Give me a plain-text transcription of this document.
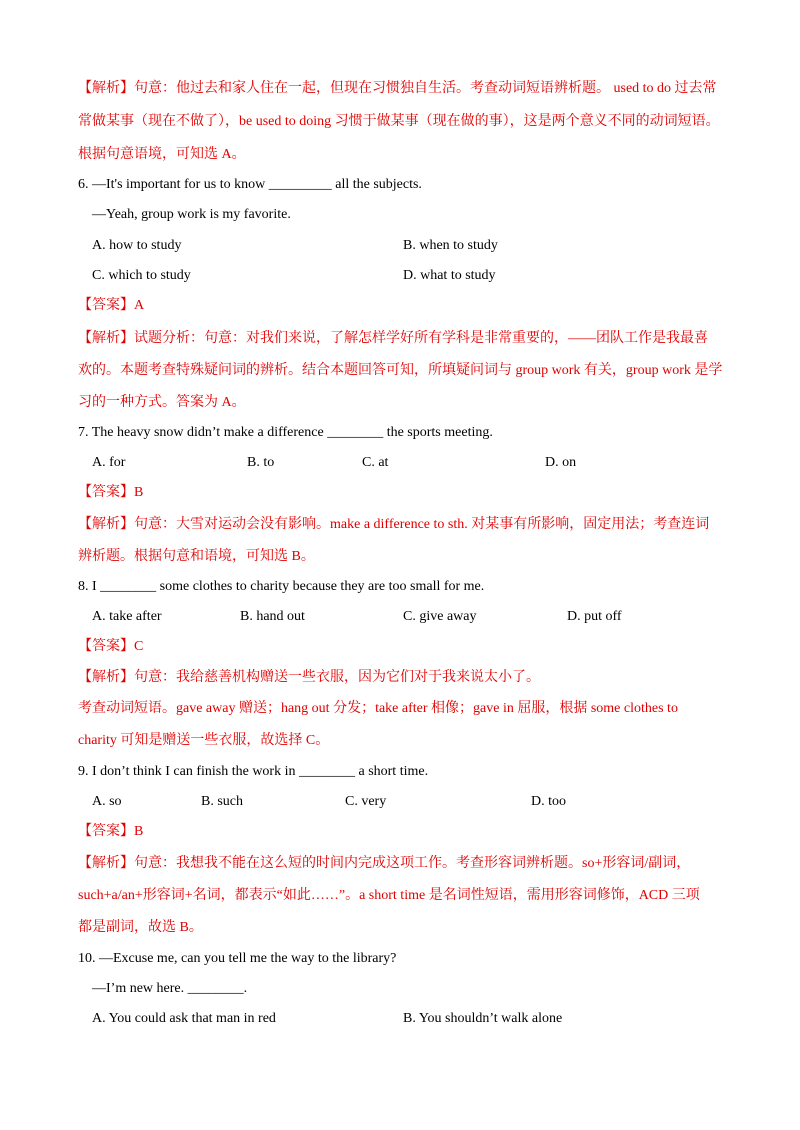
【解析】句意：他过去和家人住在一起，但现在习惯独自生活。考查动词短语辨析题。 used to do 过去常
常做某事（现在不做了），be used to doing 习惯于做某事（现在做的事），这是两个意义不同的动词短语。
根据句意语境，可知选 A。
6. —It's important for us to know _________ all the subjects.
—Yeah, group work is my favorite.
A. how to study	B. when to study
C. which to study	D. what to study
【答案】A
【解析】试题分析：句意：对我们来说，了解怎样学好所有学科是非常重要的，——团队工作是我最喜
欢的。本题考查特殊疑问词的辨析。结合本题回答可知，所填疑问词与 group work 有关，group work 是学
习的一种方式。答案为 A。
7. The heavy snow didn’t make a difference ________ the sports meeting.
A. for	B. to	C. at	D. on
【答案】B
【解析】句意：大雪对运动会没有影响。make a difference to sth. 对某事有所影响，固定用法；考查连词
辨析题。根据句意和语境，可知选 B。
8. I ________ some clothes to charity because they are too small for me.
A. take after	B. hand out	C. give away	D. put off
【答案】C
【解析】句意：我给慈善机构赠送一些衣服，因为它们对于我来说太小了。
考查动词短语。gave away 赠送；hang out 分发；take after 相像；gave in 屈服，根据 some clothes to
charity 可知是赠送一些衣服，故选择 C。
9. I don’t think I can finish the work in ________ a short time.
A. so	B. such	C. very	D. too
【答案】B
【解析】句意：我想我不能在这么短的时间内完成这项工作。考查形容词辨析题。so+形容词/副词，
such+a/an+形容词+名词，都表示“如此……”。a short time 是名词性短语，需用形容词修饰，ACD 三项
都是副词，故选 B。
10. —Excuse me, can you tell me the way to the library?
—I’m new here. ________.
A. You could ask that man in red	B. You shouldn’t walk alone
